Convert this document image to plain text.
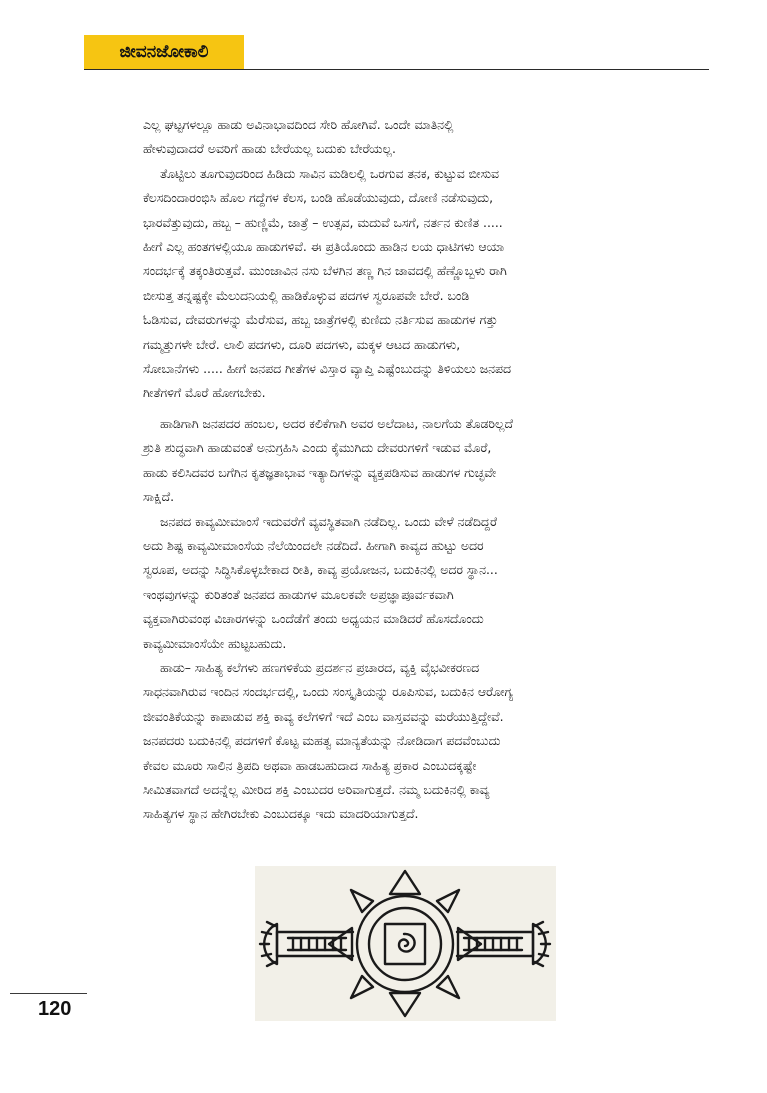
ಜೀವನಜೋಕಾಲಿ

ಎಲ್ಲ ಘಟ್ಟಗಳಲ್ಲೂ ಹಾಡು ಅವಿನಾಭಾವದಿಂದ ಸೇರಿ ಹೋಗಿವೆ. ಒಂದೇ ಮಾತಿನಲ್ಲಿ
ಹೇಳುವುದಾದರೆ ಅವರಿಗೆ ಹಾಡು ಬೇರೆಯಲ್ಲ ಬದುಕು ಬೇರೆಯಲ್ಲ.

ತೊಟ್ಟಿಲು ತೂಗುವುದರಿಂದ ಹಿಡಿದು ಸಾವಿನ ಮಡಿಲಲ್ಲಿ ಒರಗುವ ತನಕ, ಕುಟ್ಟುವ ಬೀಸುವ
ಕೆಲಸದಿಂದಾರಂಭಿಸಿ ಹೊಲ ಗದ್ದೆಗಳ ಕೆಲಸ, ಬಂಡಿ ಹೊಡೆಯುವುದು, ದೋಣಿ ನಡೆಸುವುದು,
ಭಾರವೆತ್ತುವುದು, ಹಬ್ಬ – ಹುಣ್ಣಿಮೆ, ಜಾತ್ರೆ – ಉತ್ಸವ, ಮದುವೆ ಒಸಗೆ, ನರ್ತನ ಕುಣಿತ .....
ಹೀಗೆ ಎಲ್ಲ ಹಂತಗಳಲ್ಲಿಯೂ ಹಾಡುಗಳಿವೆ. ಈ ಪ್ರತಿಯೊಂದು ಹಾಡಿನ ಲಯ ಧಾಟಿಗಳು ಆಯಾ
ಸಂದರ್ಭಕ್ಕೆ ತಕ್ಕಂತಿರುತ್ತವೆ. ಮುಂಜಾವಿನ ನಸು ಬೆಳಗಿನ ತಣ್ಣ ಗಿನ ಜಾವದಲ್ಲಿ ಹೆಣ್ಣೊಬ್ಬಳು ರಾಗಿ
ಬೀಸುತ್ತ ತನ್ನಷ್ಟಕ್ಕೇ ಮೆಲುದನಿಯಲ್ಲಿ ಹಾಡಿಕೊಳ್ಳುವ ಪದಗಳ ಸ್ವರೂಪವೇ ಬೇರೆ. ಬಂಡಿ
ಓಡಿಸುವ, ದೇವರುಗಳನ್ನು ಮೆರೆಸುವ, ಹಬ್ಬ ಜಾತ್ರೆಗಳಲ್ಲಿ ಕುಣಿದು ನರ್ತಿಸುವ ಹಾಡುಗಳ ಗತ್ತು
ಗಮ್ಮತ್ತುಗಳೇ ಬೇರೆ. ಲಾಲಿ ಪದಗಳು, ದೂರಿ ಪದಗಳು, ಮಕ್ಕಳ ಆಟದ ಹಾಡುಗಳು,
ಸೋಬಾನೆಗಳು ..... ಹೀಗೆ ಜನಪದ ಗೀತೆಗಳ ವಿಸ್ತಾರ ವ್ಯಾಪ್ತಿ ಎಷ್ಟೆಂಬುದನ್ನು ತಿಳಿಯಲು ಜನಪದ
ಗೀತೆಗಳಿಗೆ ಮೊರೆ ಹೋಗಬೇಕು.

ಹಾಡಿಗಾಗಿ ಜನಪದರ ಹಂಬಲ, ಅದರ ಕಲಿಕೆಗಾಗಿ ಅವರ ಅಲೆದಾಟ, ನಾಲಗೆಯ ತೊಡರಿಲ್ಲದೆ
ಶ್ರುತಿ ಶುದ್ಧವಾಗಿ ಹಾಡುವಂತೆ ಅನುಗ್ರಹಿಸಿ ಎಂದು ಕೈಮುಗಿದು ದೇವರುಗಳಿಗೆ ಇಡುವ ಮೊರೆ,
ಹಾಡು ಕಲಿಸಿದವರ ಬಗೆಗಿನ ಕೃತಜ್ಞತಾಭಾವ ಇತ್ಯಾದಿಗಳನ್ನು ವ್ಯಕ್ತಪಡಿಸುವ ಹಾಡುಗಳ ಗುಚ್ಛವೇ
ಸಾಕ್ಷಿದೆ.

ಜನಪದ ಕಾವ್ಯಮೀಮಾಂಸೆ ಇದುವರೆಗೆ ವ್ಯವಸ್ಥಿತವಾಗಿ ನಡೆದಿಲ್ಲ. ಒಂದು ವೇಳೆ ನಡೆದಿದ್ದರೆ
ಅದು ಶಿಷ್ಟ ಕಾವ್ಯಮೀಮಾಂಸೆಯ ನೆಲೆಯಿಂದಲೇ ನಡೆದಿದೆ. ಹೀಗಾಗಿ ಕಾವ್ಯದ ಹುಟ್ಟು ಅದರ
ಸ್ವರೂಪ, ಅದನ್ನು ಸಿದ್ಧಿಸಿಕೊಳ್ಳಬೇಕಾದ ರೀತಿ, ಕಾವ್ಯ ಪ್ರಯೋಜನ, ಬದುಕಿನಲ್ಲಿ ಅದರ ಸ್ಥಾನ...
ಇಂಥವುಗಳನ್ನು ಕುರಿತಂತೆ ಜನಪದ ಹಾಡುಗಳ ಮೂಲಕವೇ ಅಪ್ರಜ್ಞಾಪೂರ್ವಕವಾಗಿ
ವ್ಯಕ್ತವಾಗಿರುವಂಥ ವಿಚಾರಗಳನ್ನು ಒಂದೆಡೆಗೆ ತಂದು ಅಧ್ಯಯನ ಮಾಡಿದರೆ ಹೊಸದೊಂದು
ಕಾವ್ಯಮೀಮಾಂಸೆಯೇ ಹುಟ್ಟಬಹುದು.

ಹಾಡು– ಸಾಹಿತ್ಯ ಕಲೆಗಳು ಹಣಗಳಿಕೆಯ ಪ್ರದರ್ಶನ ಪ್ರಚಾರದ, ವ್ಯಕ್ತಿ ವೈಭವೀಕರಣದ
ಸಾಧನವಾಗಿರುವ ಇಂದಿನ ಸಂದರ್ಭದಲ್ಲಿ, ಒಂದು ಸಂಸ್ಕೃತಿಯನ್ನು ರೂಪಿಸುವ, ಬದುಕಿನ ಆರೋಗ್ಯ
ಜೀವಂತಿಕೆಯನ್ನು ಕಾಪಾಡುವ ಶಕ್ತಿ ಕಾವ್ಯ ಕಲೆಗಳಿಗೆ ಇದೆ ಎಂಬ ವಾಸ್ತವವನ್ನು ಮರೆಯುತ್ತಿದ್ದೇವೆ.
ಜನಪದರು ಬದುಕಿನಲ್ಲಿ ಪದಗಳಿಗೆ ಕೊಟ್ಟ ಮಹತ್ವ ಮಾನ್ಯತೆಯನ್ನು ನೋಡಿದಾಗ ಪದವೆಂಬುದು
ಕೇವಲ ಮೂರು ಸಾಲಿನ ತ್ರಿಪದಿ ಅಥವಾ ಹಾಡಬಹುದಾದ ಸಾಹಿತ್ಯ ಪ್ರಕಾರ ಎಂಬುದಕ್ಕಷ್ಟೇ
ಸೀಮಿತವಾಗದೆ ಅದನ್ನೆಲ್ಲ ಮೀರಿದ ಶಕ್ತಿ ಎಂಬುದರ ಅರಿವಾಗುತ್ತದೆ. ನಮ್ಮ ಬದುಕಿನಲ್ಲಿ ಕಾವ್ಯ
ಸಾಹಿತ್ಯಗಳ ಸ್ಥಾನ ಹೇಗಿರಬೇಕು ಎಂಬುದಕ್ಕೂ ಇದು ಮಾದರಿಯಾಗುತ್ತದೆ.

120
